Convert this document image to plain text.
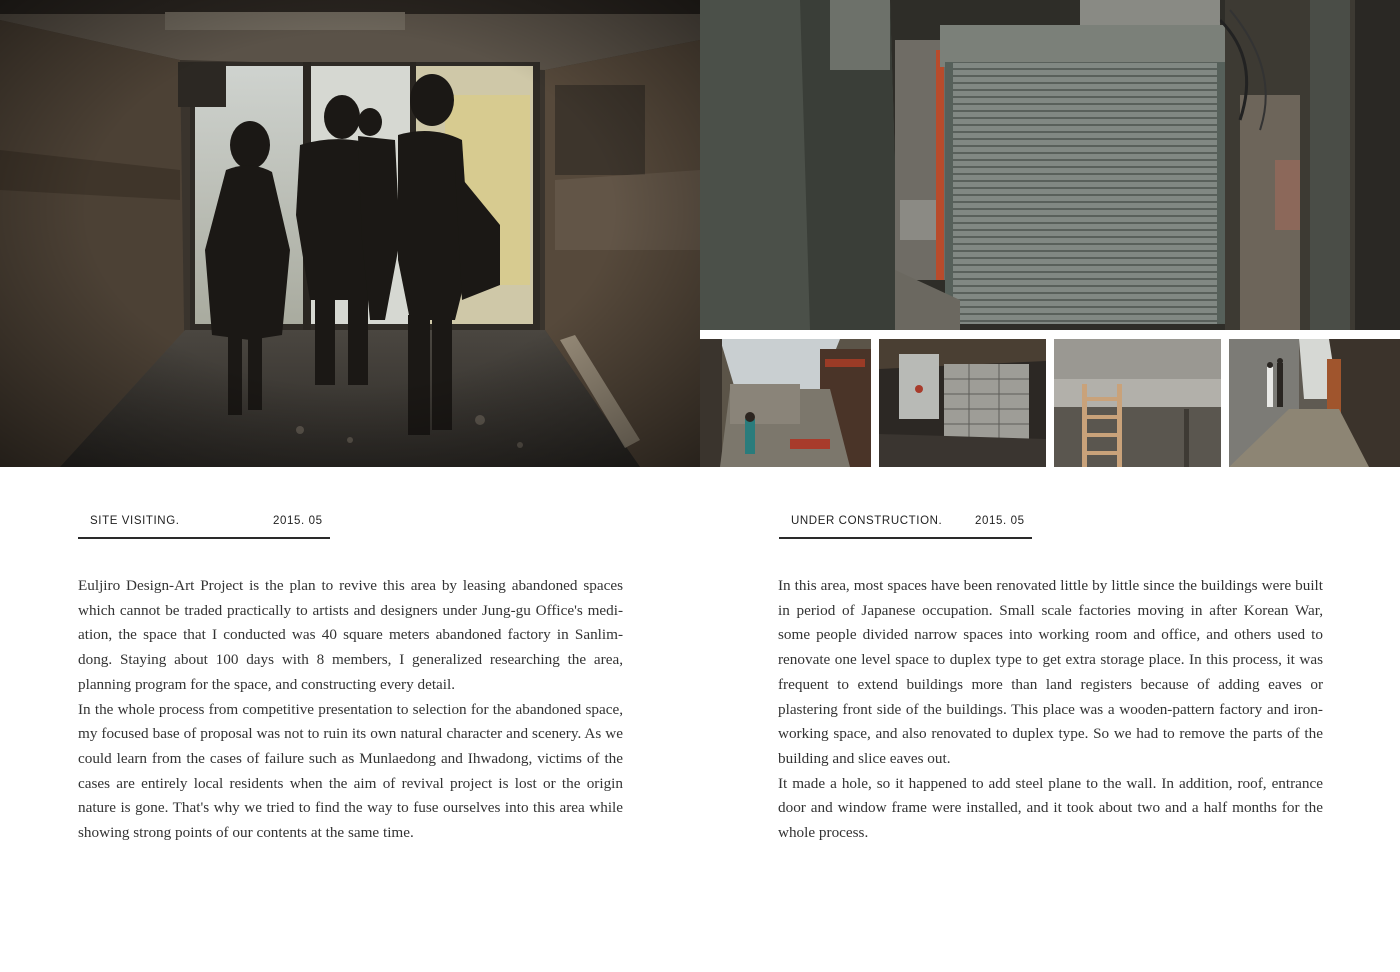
SITE VISITING.	2015. 05	UNDER CONSTRUCTION.	2015. 05

Euljiro Design-Art Project is the plan to revive this area by leasing abandoned spaces which cannot be traded practically to artists and designers under Jung-gu Office's mediation, the space that I conducted was 40 square meters abandoned factory in Sanlim-dong. Staying about 100 days with 8 members, I generalized researching the area, planning program for the space, and constructing every detail.

In the whole process from competitive presentation to selection for the abandoned space, my focused base of proposal was not to ruin its own natural character and scenery. As we could learn from the cases of failure such as Munlaedong and Ihwadong, victims of the cases are entirely local residents when the aim of revival project is lost or the origin nature is gone. That's why we tried to find the way to fuse ourselves into this area while showing strong points of our contents at the same time.

In this area, most spaces have been renovated little by little since the buildings were built in period of Japanese occupation. Small scale factories moving in after Korean War, some people divided narrow spaces into working room and office, and others used to renovate one level space to duplex type to get extra storage place. In this process, it was frequent to extend buildings more than land registers because of adding eaves or plastering front side of the buildings. This place was a wooden-pattern factory and iron-working space, and also renovated to duplex type. So we had to remove the parts of the building and slice eaves out.

It made a hole, so it happened to add steel plane to the wall. In addition, roof, entrance door and window frame were installed, and it took about two and a half months for the whole process.
